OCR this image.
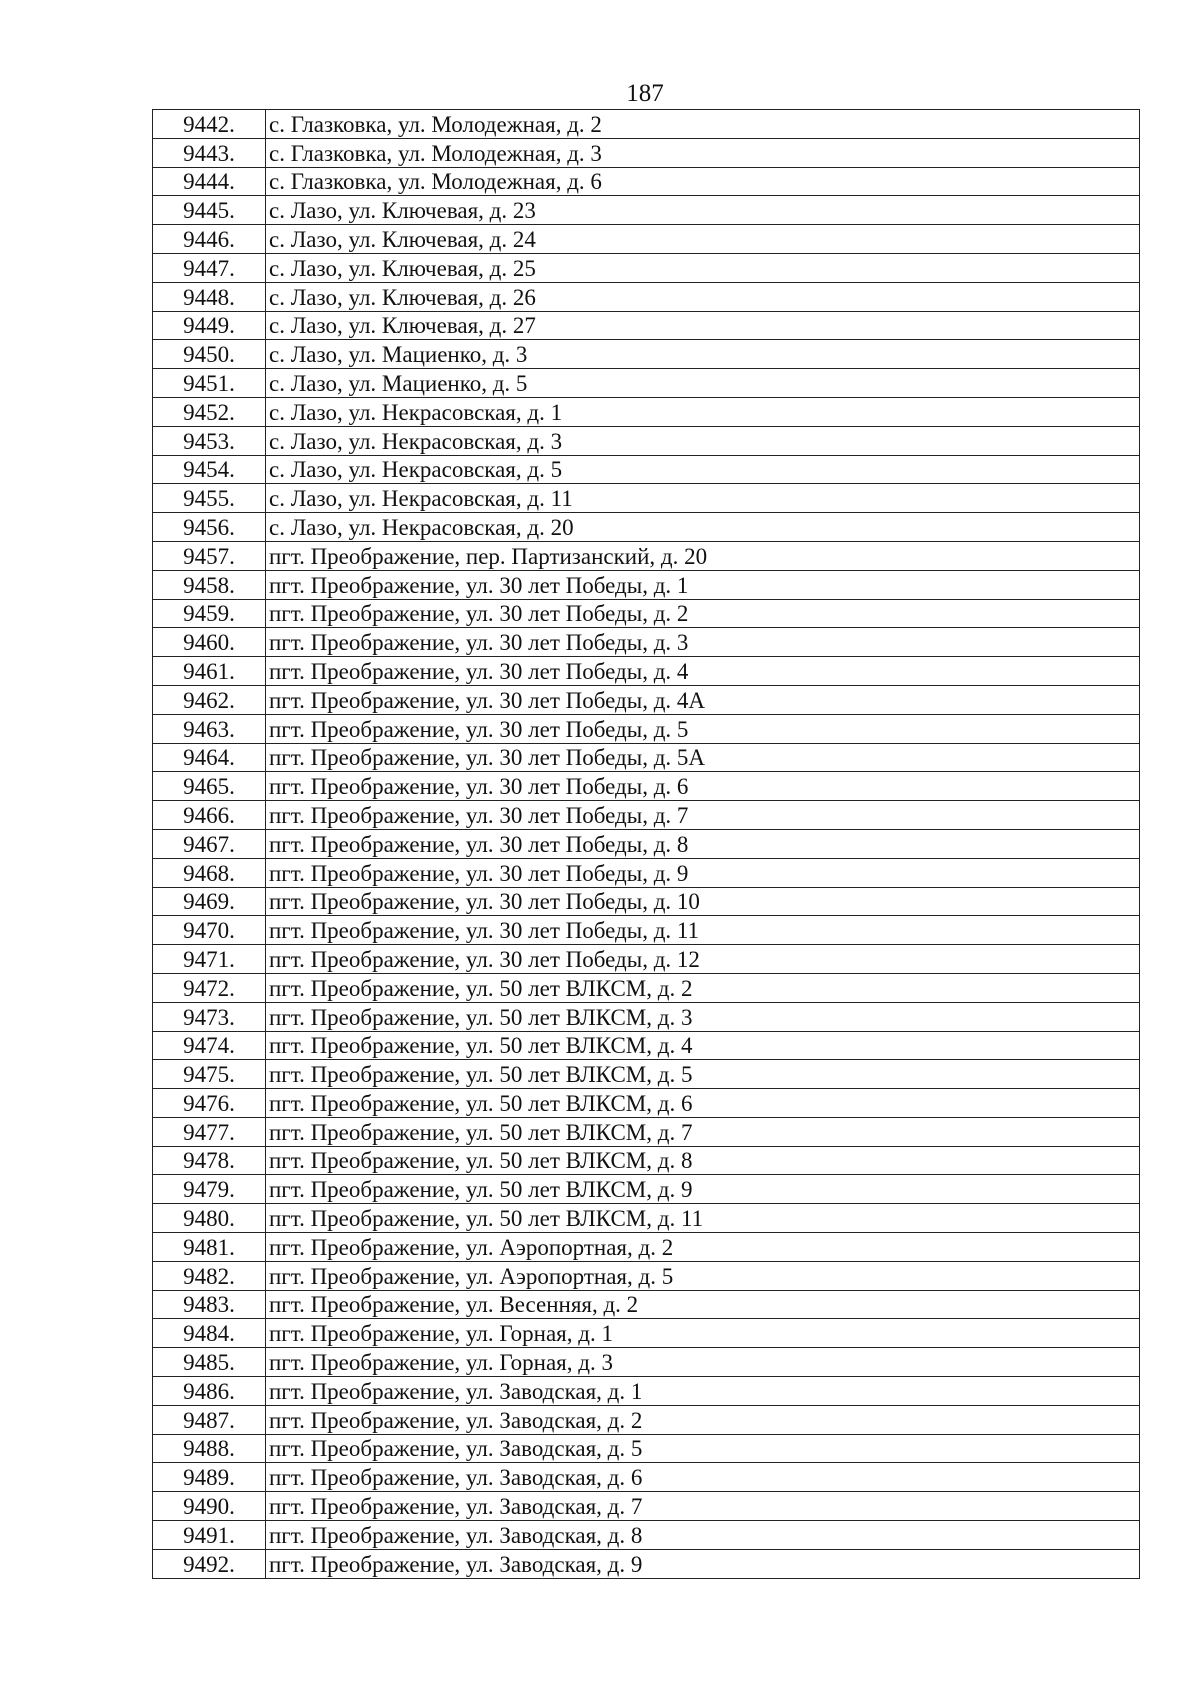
187
9442.	с. Глазковка, ул. Молодежная, д. 2
9443.	с. Глазковка, ул. Молодежная, д. 3
9444.	с. Глазковка, ул. Молодежная, д. 6
9445.	с. Лазо, ул. Ключевая, д. 23
9446.	с. Лазо, ул. Ключевая, д. 24
9447.	с. Лазо, ул. Ключевая, д. 25
9448.	с. Лазо, ул. Ключевая, д. 26
9449.	с. Лазо, ул. Ключевая, д. 27
9450.	с. Лазо, ул. Мациенко, д. 3
9451.	с. Лазо, ул. Мациенко, д. 5
9452.	с. Лазо, ул. Некрасовская, д. 1
9453.	с. Лазо, ул. Некрасовская, д. 3
9454.	с. Лазо, ул. Некрасовская, д. 5
9455.	с. Лазо, ул. Некрасовская, д. 11
9456.	с. Лазо, ул. Некрасовская, д. 20
9457.	пгт. Преображение, пер. Партизанский, д. 20
9458.	пгт. Преображение, ул. 30 лет Победы, д. 1
9459.	пгт. Преображение, ул. 30 лет Победы, д. 2
9460.	пгт. Преображение, ул. 30 лет Победы, д. 3
9461.	пгт. Преображение, ул. 30 лет Победы, д. 4
9462.	пгт. Преображение, ул. 30 лет Победы, д. 4А
9463.	пгт. Преображение, ул. 30 лет Победы, д. 5
9464.	пгт. Преображение, ул. 30 лет Победы, д. 5А
9465.	пгт. Преображение, ул. 30 лет Победы, д. 6
9466.	пгт. Преображение, ул. 30 лет Победы, д. 7
9467.	пгт. Преображение, ул. 30 лет Победы, д. 8
9468.	пгт. Преображение, ул. 30 лет Победы, д. 9
9469.	пгт. Преображение, ул. 30 лет Победы, д. 10
9470.	пгт. Преображение, ул. 30 лет Победы, д. 11
9471.	пгт. Преображение, ул. 30 лет Победы, д. 12
9472.	пгт. Преображение, ул. 50 лет ВЛКСМ, д. 2
9473.	пгт. Преображение, ул. 50 лет ВЛКСМ, д. 3
9474.	пгт. Преображение, ул. 50 лет ВЛКСМ, д. 4
9475.	пгт. Преображение, ул. 50 лет ВЛКСМ, д. 5
9476.	пгт. Преображение, ул. 50 лет ВЛКСМ, д. 6
9477.	пгт. Преображение, ул. 50 лет ВЛКСМ, д. 7
9478.	пгт. Преображение, ул. 50 лет ВЛКСМ, д. 8
9479.	пгт. Преображение, ул. 50 лет ВЛКСМ, д. 9
9480.	пгт. Преображение, ул. 50 лет ВЛКСМ, д. 11
9481.	пгт. Преображение, ул. Аэропортная, д. 2
9482.	пгт. Преображение, ул. Аэропортная, д. 5
9483.	пгт. Преображение, ул. Весенняя, д. 2
9484.	пгт. Преображение, ул. Горная, д. 1
9485.	пгт. Преображение, ул. Горная, д. 3
9486.	пгт. Преображение, ул. Заводская, д. 1
9487.	пгт. Преображение, ул. Заводская, д. 2
9488.	пгт. Преображение, ул. Заводская, д. 5
9489.	пгт. Преображение, ул. Заводская, д. 6
9490.	пгт. Преображение, ул. Заводская, д. 7
9491.	пгт. Преображение, ул. Заводская, д. 8
9492.	пгт. Преображение, ул. Заводская, д. 9
